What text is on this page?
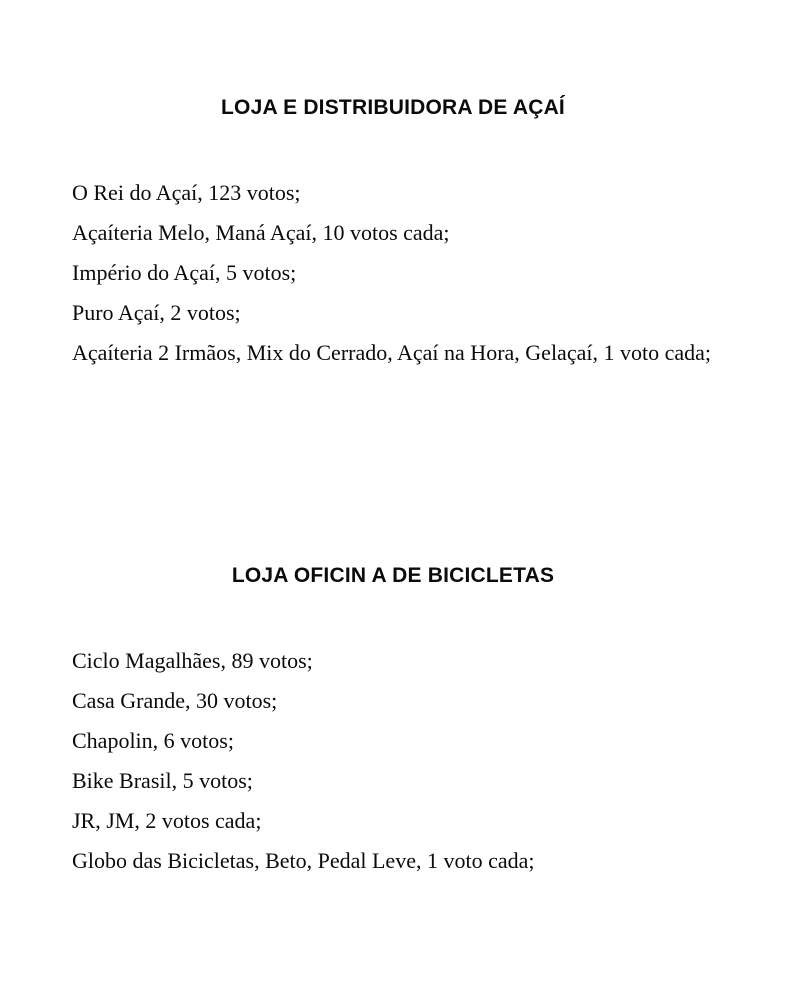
LOJA E DISTRIBUIDORA DE AÇAÍ

O Rei do Açaí, 123 votos;

Açaíteria Melo, Maná Açaí, 10 votos cada;

Império do Açaí, 5 votos;

Puro Açaí, 2 votos;

Açaíteria 2 Irmãos, Mix do Cerrado, Açaí na Hora, Gelaçaí, 1 voto cada;

LOJA OFICIN A DE BICICLETAS

Ciclo Magalhães, 89 votos;

Casa Grande, 30 votos;

Chapolin, 6 votos;

Bike Brasil, 5 votos;

JR, JM, 2 votos cada;

Globo das Bicicletas, Beto, Pedal Leve, 1 voto cada;
